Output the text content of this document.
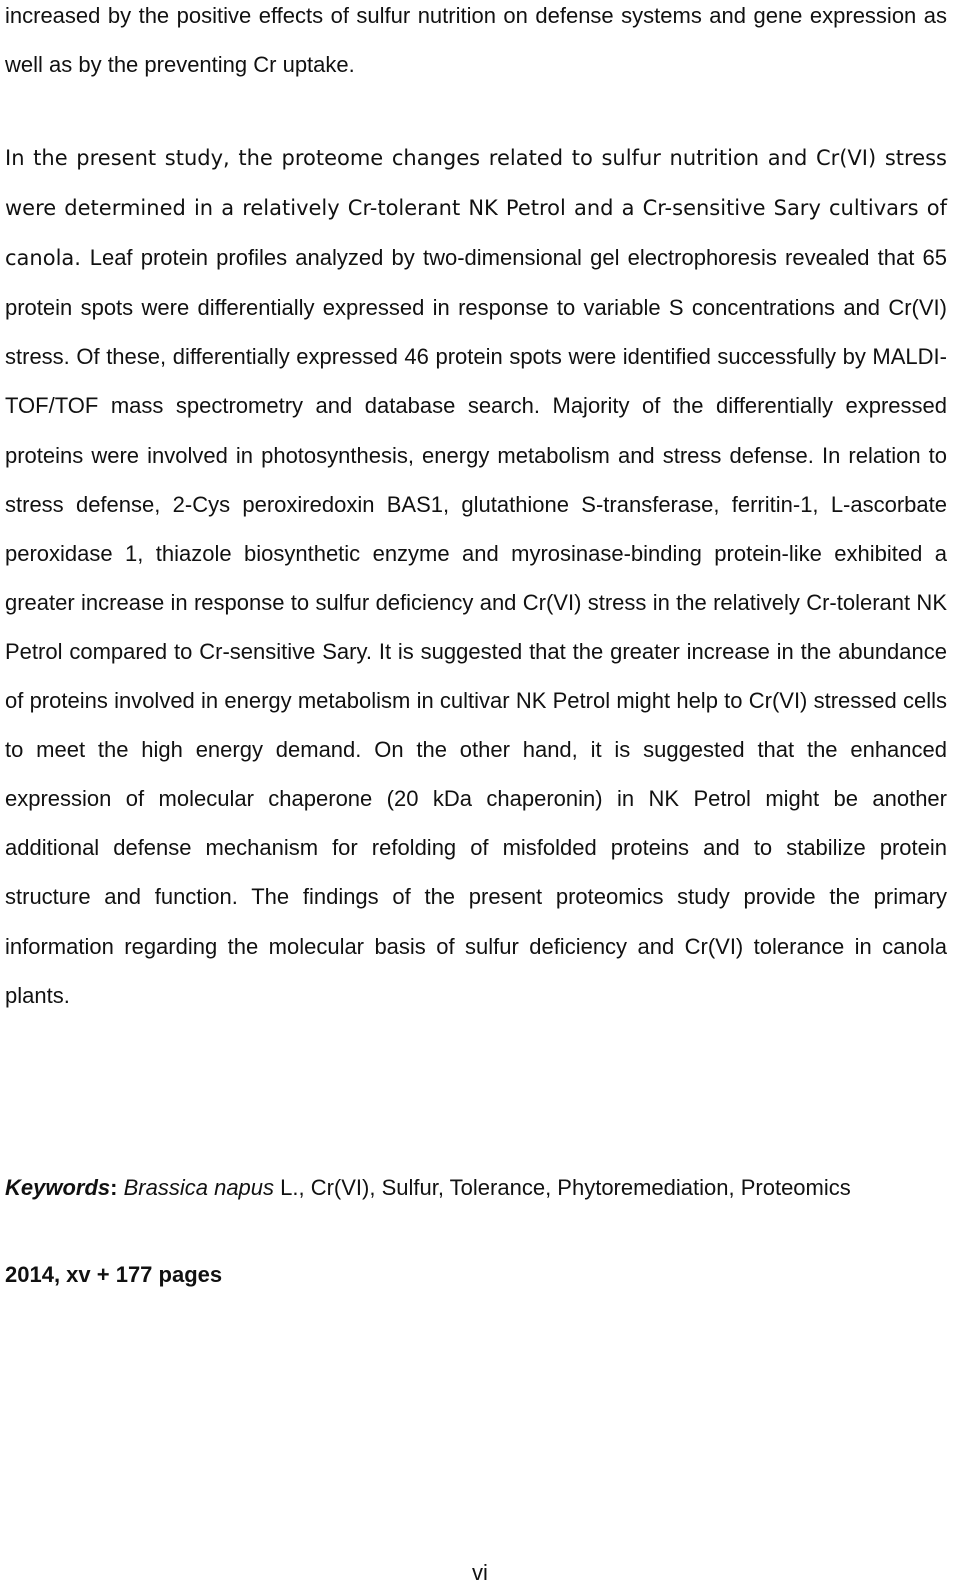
increased by the positive effects of sulfur nutrition on defense systems and gene expression as well as by the preventing Cr uptake.

In the present study, the proteome changes related to sulfur nutrition and Cr(VI) stress were determined in a relatively Cr-tolerant NK Petrol and a Cr-sensitive Sary cultivars of canola. Leaf protein profiles analyzed by two-dimensional gel electrophoresis revealed that 65 protein spots were differentially expressed in response to variable S concentrations and Cr(VI) stress. Of these, differentially expressed 46 protein spots were identified successfully by MALDI-TOF/TOF mass spectrometry and database search. Majority of the differentially expressed proteins were involved in photosynthesis, energy metabolism and stress defense. In relation to stress defense, 2-Cys peroxiredoxin BAS1, glutathione S-transferase, ferritin-1, L-ascorbate peroxidase 1, thiazole biosynthetic enzyme and myrosinase-binding protein-like exhibited a greater increase in response to sulfur deficiency and Cr(VI) stress in the relatively Cr-tolerant NK Petrol compared to Cr-sensitive Sary. It is suggested that the greater increase in the abundance of proteins involved in energy metabolism in cultivar NK Petrol might help to Cr(VI) stressed cells to meet the high energy demand. On the other hand, it is suggested that the enhanced expression of molecular chaperone (20 kDa chaperonin) in NK Petrol might be another additional defense mechanism for refolding of misfolded proteins and to stabilize protein structure and function. The findings of the present proteomics study provide the primary information regarding the molecular basis of sulfur deficiency and Cr(VI) tolerance in canola plants.

Keywords: Brassica napus L., Cr(VI), Sulfur, Tolerance, Phytoremediation, Proteomics
2014, xv + 177 pages
vi
